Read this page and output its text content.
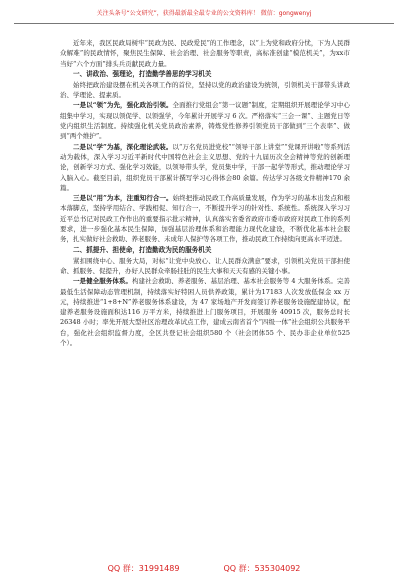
关注头条号“公文研究”，获得最新最全最专业的公文资料库！ 微信：gongwenyj

近年来，我区民政局树牢“民政为民、民政爱民”的工作理念，以“上为党和政府分忧，下为人民群众解难”的民政情怀，聚焦民生保障、社会治理、社会服务等职责，高标准创建“模范机关”，为xx市当好“六个方面”排头兵贡献民政力量。

一、讲政治、强理论，打造勤学善思的学习机关

始终把政治建设摆在机关各项工作的首位，坚持以党的政治建设为统领，引领机关干部带头讲政治、学理论、提素质。

一是以“领”为先，强化政治引领。全面推行党组会“第一议题”制度，定期组织开展理论学习中心组集中学习，实现以领促学、以领强学，今年累计开展学习 6 次。严格落实“三会一课”、主题党日等党内组织生活制度。持续强化机关党员政治素养，铸炼党性修养引领党员干部做到“三个表率”、做到“两个维护”。

二是以“学”为基，深化理论武装。以“万名党员进党校”“领导干部上讲堂”“党课开讲啦”等系列活动为载体，深入学习习近平新时代中国特色社会主义思想、党的十九届历次全会精神等党的创新理论，创新学习方式、强化学习效能，以领导带头学，党员集中学，干部一起学等形式，推动理论学习入脑入心。截至目前，组织党员干部累计撰写学习心得体会80 余篇。传达学习各级文件精神170 余篇。

三是以“用”为本，注重知行合一。始终把推动民政工作高质量发展，作为学习的基本出发点和根本落脚点，坚持学用结合、学践相促、知行合一，不断提升学习的针对性、系统性。系统深入学习习近平总书记对民政工作作出的重要指示批示精神，认真落实省委省政府市委市政府对民政工作的系列要求，进一步强化基本民生保障，加强基层治理体系和治理能力现代化建设，不断优化基本社会服务，扎实做好社会救助、养老服务、未成年人保护等各项工作，推动民政工作持续向更高水平迈进。

二、抓提升、担使命，打造勤政为民的服务机关

紧扣围绕中心、服务大局，对标“让党中央放心、让人民群众满意”要求，引领机关党员干部担使命、抓服务、促提升，办好人民群众牵肠挂肚的民生大事和天天有感的关键小事。

一是健全服务体系。构建社会救助、养老服务、基层治理、基本社会服务等 4 大服务体系。完善最低生活保障动态管理机制，持续落实好特困人员供养政策，累计为17183 人次发放低保金 xx 万元，持续推进“1+8+N”养老服务体系建设，为 47 家场地产开发商签订养老服务设施配建协议，配建养老服务设施面积达116 万平方米，持续推进上门服务项目，开展服务 40915 次，服务总时长26348 小时；率先开展大型社区治理改革试点工作，建成云南省首个“四级一体”社会组织公共服务平台，强化社会组织监督力度，全区共登记社会组织580 个（社会团体55 个、民办非企业单位525 个）。

QQ 群：31991489	QQ 群：535304092
